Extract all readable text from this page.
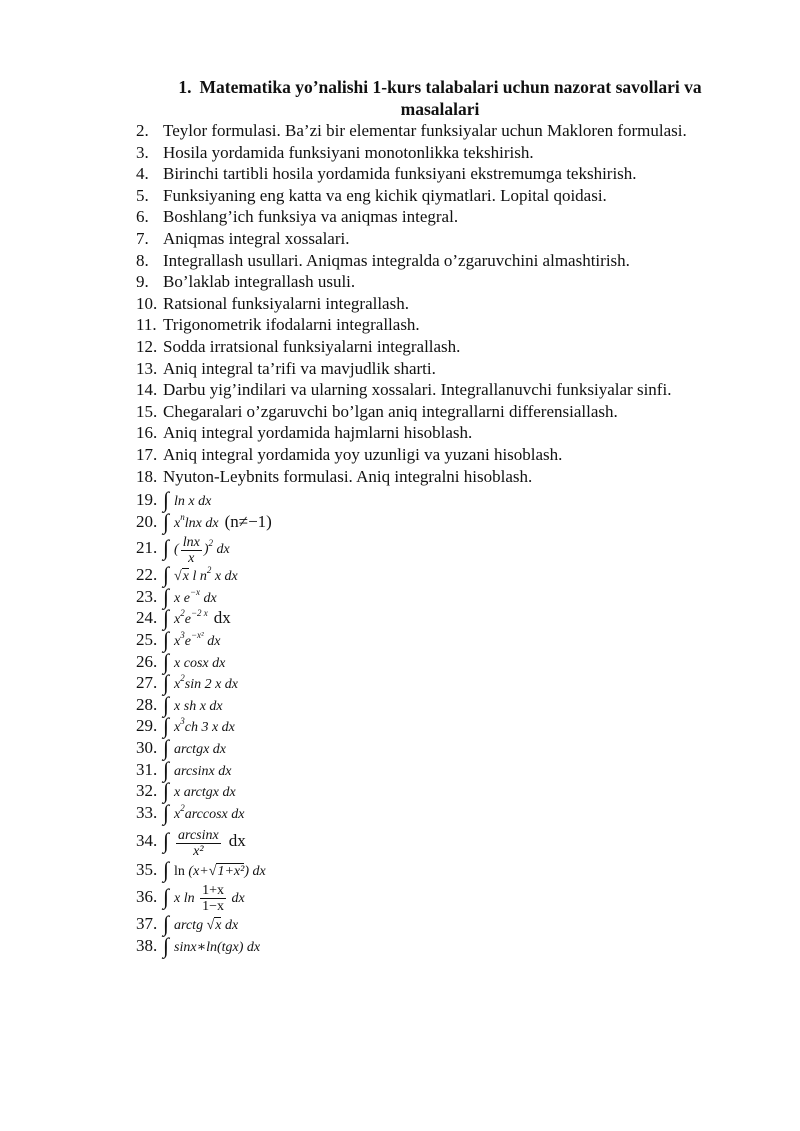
1. Matematika yo’nalishi 1-kurs talabalari uchun nazorat savollari va masalalari
2. Teylor formulasi. Ba’zi bir elementar funksiyalar uchun Makloren formulasi.
3. Hosila yordamida funksiyani monotonlikka tekshirish.
4. Birinchi tartibli hosila yordamida funksiyani ekstremumga tekshirish.
5. Funksiyaning eng katta va eng kichik qiymatlari. Lopital qoidasi.
6. Boshlang’ich funksiya va aniqmas integral.
7. Aniqmas integral xossalari.
8. Integrallash usullari. Aniqmas integralda o’zgaruvchini almashtirish.
9. Bo’laklab integrallash usuli.
10. Ratsional funksiyalarni integrallash.
11. Trigonometrik ifodalarni integrallash.
12. Sodda irratsional funksiyalarni integrallash.
13. Aniq integral ta’rifi va mavjudlik sharti.
14. Darbu yig’indilari va ularning xossalari. Integrallanuvchi funksiyalar sinfi.
15. Chegaralari o’zgaruvchi bo’lgan aniq integrallarni differensiallash.
16. Aniq integral yordamida hajmlarni hisoblash.
17. Aniq integral yordamida yoy uzunligi va yuzani hisoblash.
18. Nyuton-Leybnits formulasi. Aniq integralni hisoblash.
19. ∫ ln x dx
20. ∫ $x^n\ln x$ dx (n≠−1)
21. ∫ ( $\frac{\ln x}{x} )^2$ dx
22. ∫ √x l $n^2$ x dx
23. ∫ x $e^{-x}$ dx
24. ∫ $x^2e^{-2 x}$ dx
25. ∫ $x^3e^{-x^2}$ dx
26. ∫ x cosx dx
27. ∫ $x^2\sin$ 2 x dx
28. ∫ x sh x dx
29. ∫ $x^3ch$ 3 x dx
30. ∫ arctgx dx
31. ∫ arcsinx dx
32. ∫ x arctgx dx
33. ∫ $x^2\arccos x$ dx
34. ∫ $\frac{\arcsin x}{\text{x²}}$ dx
35. ∫ ln (x+√1+x²) dx
36. ∫ x $\ln \frac{1+x}{1-x}$ dx
37. ∫ arctg √x dx
38. ∫ sinx∗ln(tgx) dx
